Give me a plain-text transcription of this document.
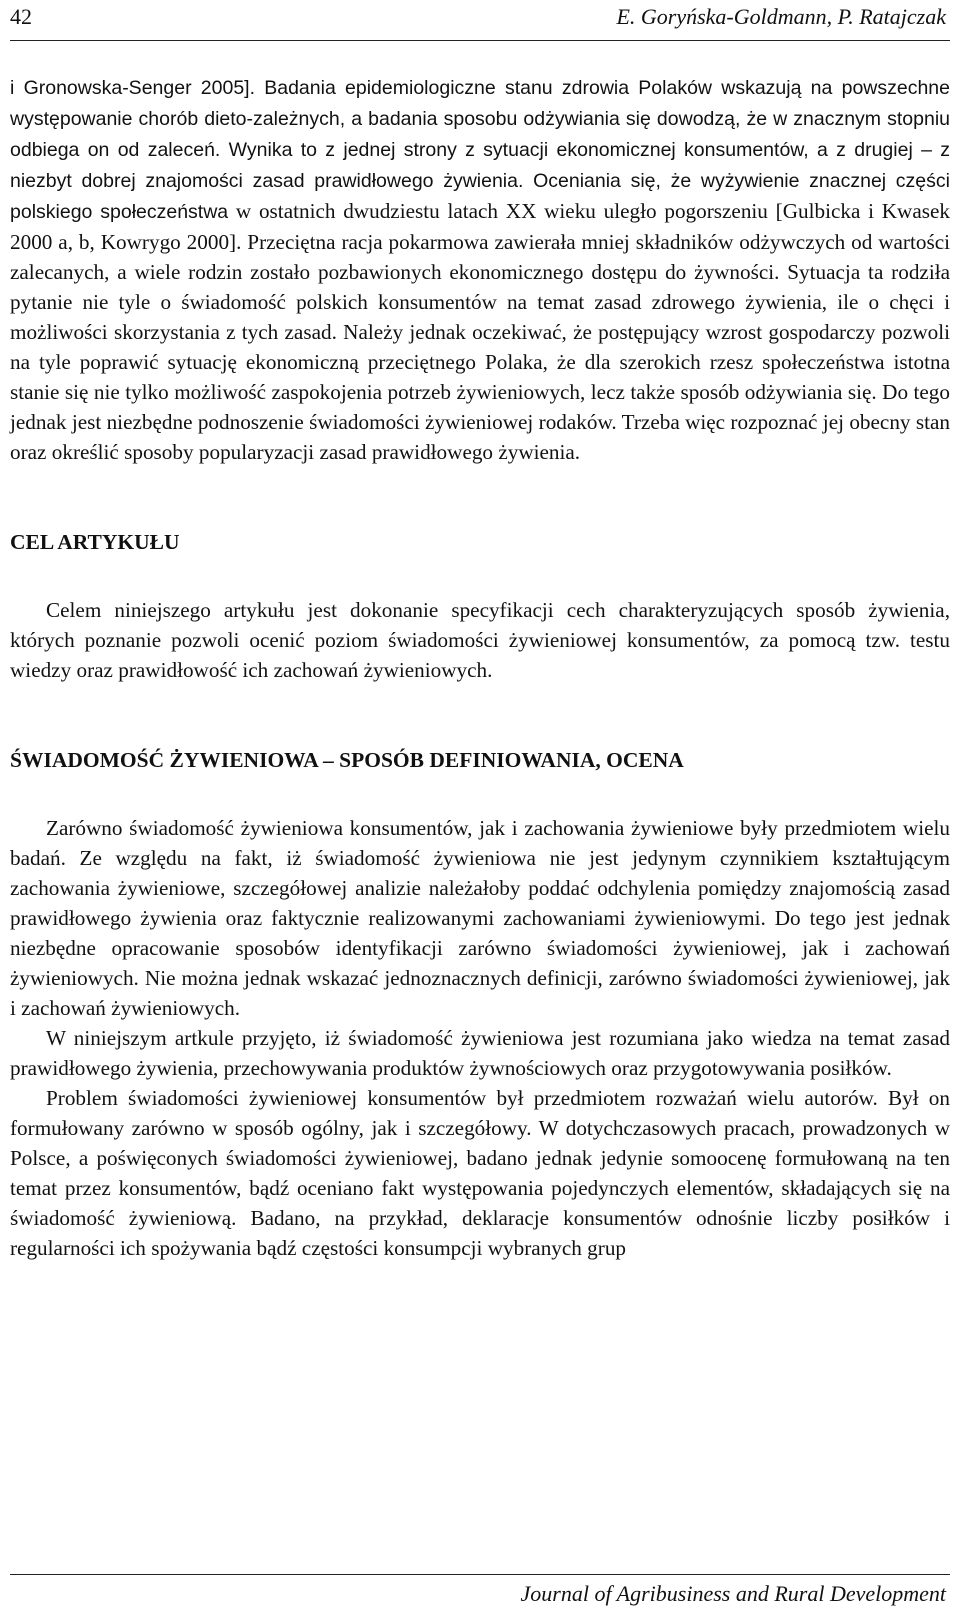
42	E. Goryńska-Goldmann, P. Ratajczak

i Gronowska-Senger 2005]. Badania epidemiologiczne stanu zdrowia Polaków wskazują na powszechne występowanie chorób dieto-zależnych, a badania sposobu odżywiania się dowodzą, że w znacznym stopniu odbiega on od zaleceń. Wynika to z jednej strony z sytuacji ekonomicznej konsumentów, a z drugiej – z niezbyt dobrej znajomości zasad prawidłowego żywienia. Oceniania się, że wyżywienie znacznej części polskiego społeczeństwa w ostatnich dwudziestu latach XX wieku uległo pogorszeniu [Gulbicka i Kwasek 2000 a, b, Kowrygo 2000]. Przeciętna racja pokarmowa zawierała mniej składników odżywczych od wartości zalecanych, a wiele rodzin zostało pozbawionych ekonomicznego dostępu do żywności. Sytuacja ta rodziła pytanie nie tyle o świadomość polskich konsumentów na temat zasad zdrowego żywienia, ile o chęci i możliwości skorzystania z tych zasad. Należy jednak oczekiwać, że postępujący wzrost gospodarczy pozwoli na tyle poprawić sytuację ekonomiczną przeciętnego Polaka, że dla szerokich rzesz społeczeństwa istotna stanie się nie tylko możliwość zaspokojenia potrzeb żywieniowych, lecz także sposób odżywiania się. Do tego jednak jest niezbędne podnoszenie świadomości żywieniowej rodaków. Trzeba więc rozpoznać jej obecny stan oraz określić sposoby popularyzacji zasad prawidłowego żywienia.

CEL ARTYKUŁU

Celem niniejszego artykułu jest dokonanie specyfikacji cech charakteryzujących sposób żywienia, których poznanie pozwoli ocenić poziom świadomości żywieniowej konsumentów, za pomocą tzw. testu wiedzy oraz prawidłowość ich zachowań żywieniowych.

ŚWIADOMOŚĆ ŻYWIENIOWA – SPOSÓB DEFINIOWANIA, OCENA

Zarówno świadomość żywieniowa konsumentów, jak i zachowania żywieniowe były przedmiotem wielu badań. Ze względu na fakt, iż świadomość żywieniowa nie jest jedynym czynnikiem kształtującym zachowania żywieniowe, szczegółowej analizie należałoby poddać odchylenia pomiędzy znajomością zasad prawidłowego żywienia oraz faktycznie realizowanymi zachowaniami żywieniowymi. Do tego jest jednak niezbędne opracowanie sposobów identyfikacji zarówno świadomości żywieniowej, jak i zachowań żywieniowych. Nie można jednak wskazać jednoznacznych definicji, zarówno świadomości żywieniowej, jak i zachowań żywieniowych.

W niniejszym artkule przyjęto, iż świadomość żywieniowa jest rozumiana jako wiedza na temat zasad prawidłowego żywienia, przechowywania produktów żywnościowych oraz przygotowywania posiłków.

Problem świadomości żywieniowej konsumentów był przedmiotem rozważań wielu autorów. Był on formułowany zarówno w sposób ogólny, jak i szczegółowy. W dotychczasowych pracach, prowadzonych w Polsce, a poświęconych świadomości żywieniowej, badano jednak jedynie somoocenę formułowaną na ten temat przez konsumentów, bądź oceniano fakt występowania pojedynczych elementów, składających się na świadomość żywieniową. Badano, na przykład, deklaracje konsumentów odnośnie liczby posiłków i regularności ich spożywania bądź częstości konsumpcji wybranych grup

Journal of Agribusiness and Rural Development
